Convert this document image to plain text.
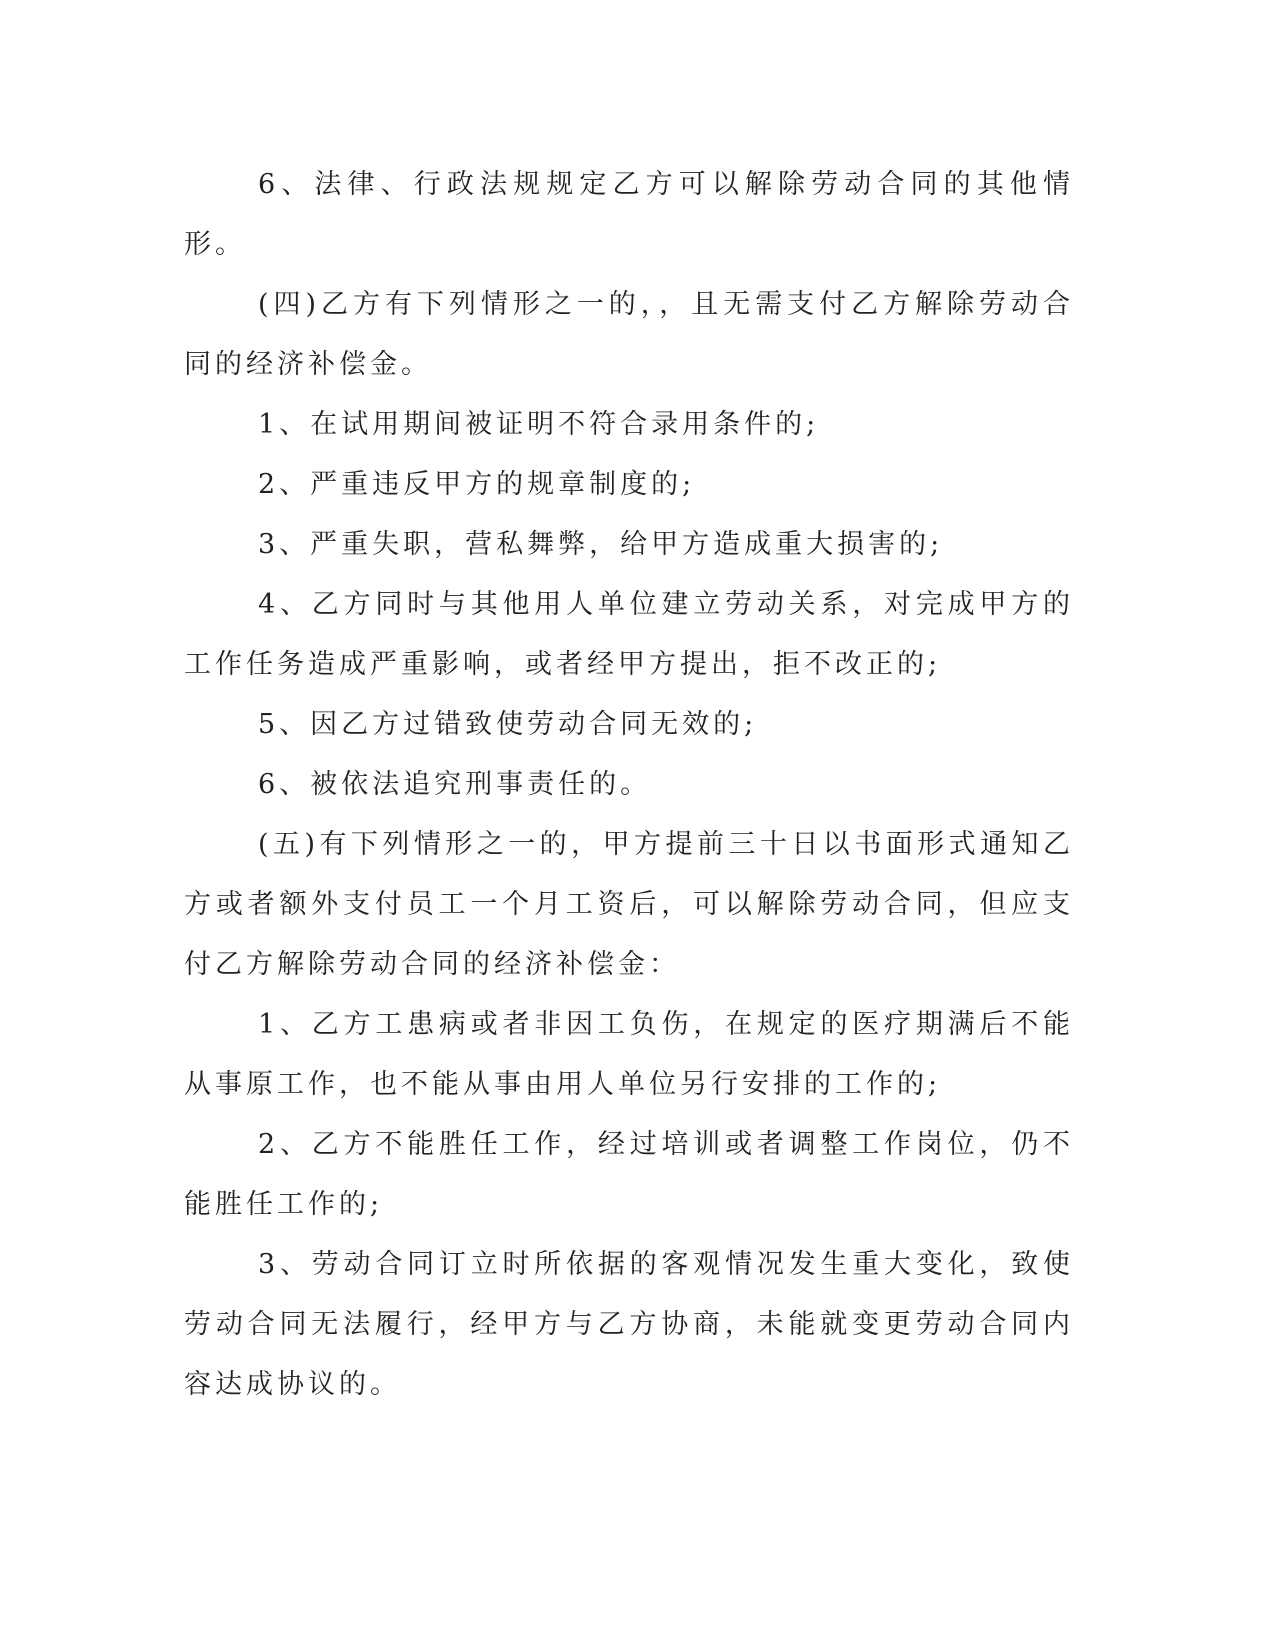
6、法律、行政法规规定乙方可以解除劳动合同的其他情形。

(四)乙方有下列情形之一的，，且无需支付乙方解除劳动合同的经济补偿金。

1、在试用期间被证明不符合录用条件的;

2、严重违反甲方的规章制度的;

3、严重失职，营私舞弊，给甲方造成重大损害的;

4、乙方同时与其他用人单位建立劳动关系，对完成甲方的工作任务造成严重影响，或者经甲方提出，拒不改正的;

5、因乙方过错致使劳动合同无效的;

6、被依法追究刑事责任的。

(五)有下列情形之一的，甲方提前三十日以书面形式通知乙方或者额外支付员工一个月工资后，可以解除劳动合同，但应支付乙方解除劳动合同的经济补偿金：

1、乙方工患病或者非因工负伤，在规定的医疗期满后不能从事原工作，也不能从事由用人单位另行安排的工作的;

2、乙方不能胜任工作，经过培训或者调整工作岗位，仍不能胜任工作的;

3、劳动合同订立时所依据的客观情况发生重大变化，致使劳动合同无法履行，经甲方与乙方协商，未能就变更劳动合同内容达成协议的。
